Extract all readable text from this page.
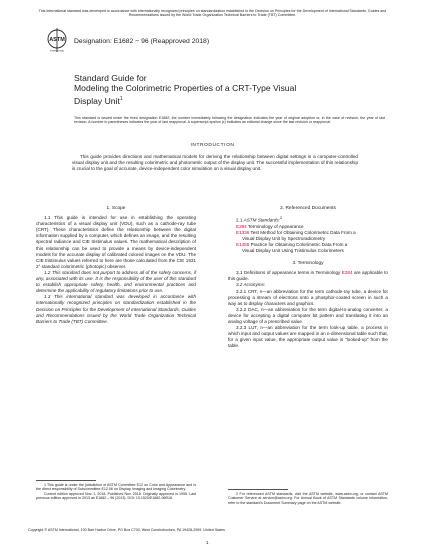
This international standard was developed in accordance with internationally recognized principles on standardization established in the Decision on Principles for the Development of International Standards, Guides and Recommendations issued by the World Trade Organization Technical Barriers to Trade (TBT) Committee.
ASTM
INTERNATIONAL
Designation: E1682 − 96 (Reapproved 2018)
Standard Guide for
Modeling the Colorimetric Properties of a CRT-Type Visual
Display Unit$^1$
This standard is issued under the fixed designation E1682; the number immediately following the designation indicates the year of original adoption or, in the case of revision, the year of last revision. A number in parentheses indicates the year of last reapproval. A superscript epsilon (ε) indicates an editorial change since the last revision or reapproval.
INTRODUCTION
This guide provides directions and mathematical models for deriving the relationship between digital settings in a computer-controlled visual display unit and the resulting colorimetric and photometric output of the display unit. The successful implementation of this relationship is crucial to the goal of accurate, device-independent color simulation on a visual display unit.
1. Scope

1.1 This guide is intended for use in establishing the operating characteristics of a visual display unit (VDU), such as a cathode-ray tube (CRT). These characteristics define the relationship between the digital information supplied by a computer, which defines an image, and the resulting spectral radiance and CIE tristimulus values. The mathematical description of this relationship can be used to provide a means by device-independent models for the accurate display of calibrated colored images on the VDU. The CIE tristimulus values referred to here are those calculated from the CIE 1931 2° standard colorimetric (photopic) observer.

1.2 This standard does not purport to address all of the safety concerns, if any, associated with its use. It is the responsibility of the user of this standard to establish appropriate safety, health, and environmental practices and determine the applicability of regulatory limitations prior to use.

1.3 This international standard was developed in accordance with internationally recognized principles on standardization established in the Decision on Principles for the Development of International Standards, Guides and Recommendations issued by the World Trade Organization Technical Barriers to Trade (TBT) Committee.

2. Referenced Documents

2.1 ASTM Standards:$^2$

E284 Terminology of Appearance

E1336 Test Method for Obtaining Colorimetric Data From a

Visual Display Unit by Spectroradiometry

E1455 Practice for Obtaining Colorimetric Data From a

Visual Display Unit Using Tristimulus Colorimeters

3. Terminology

3.1 Definitions of appearance terms in Terminology E284 are applicable to this guide.

3.2 Acronyms:

3.2.1 CRT, n—an abbreviation for the term cathode-ray tube, a device for processing a stream of electrons onto a phosphor-coated screen in such a way as to display characters and graphics.

3.2.2 DAC, n—an abbreviation for the term digital-to-analog converter, a device for accepting a digital computer bit pattern and translating it into an analog voltage of a prescribed value.

3.2.3 LUT, n—an abbreviation for the term look-up table, a process in which input and output values are mapped in an n-dimensional table such that, for a given input value, the appropriate output value is "looked-up" from the table.

1 This guide is under the jurisdiction of ASTM Committee E12 on Color and Appearance and is the direct responsibility of Subcommittee E12.06 on Display, Imaging and Imaging Colorimetry.

Current edition approved Nov. 1, 2018. Published Nov. 2018. Originally approved in 1995. Last previous edition approved in 2013 as E1682 – 96 (2013). DOI: 10.1520/E1682-96R18.

2 For referenced ASTM standards, visit the ASTM website, www.astm.org, or contact ASTM Customer Service at service@astm.org. For Annual Book of ASTM Standards volume information, refer to the standard's Document Summary page on the ASTM website.

Copyright © ASTM International, 100 Barr Harbor Drive, PO Box C700, West Conshohocken, PA 19428-2959. United States
1
